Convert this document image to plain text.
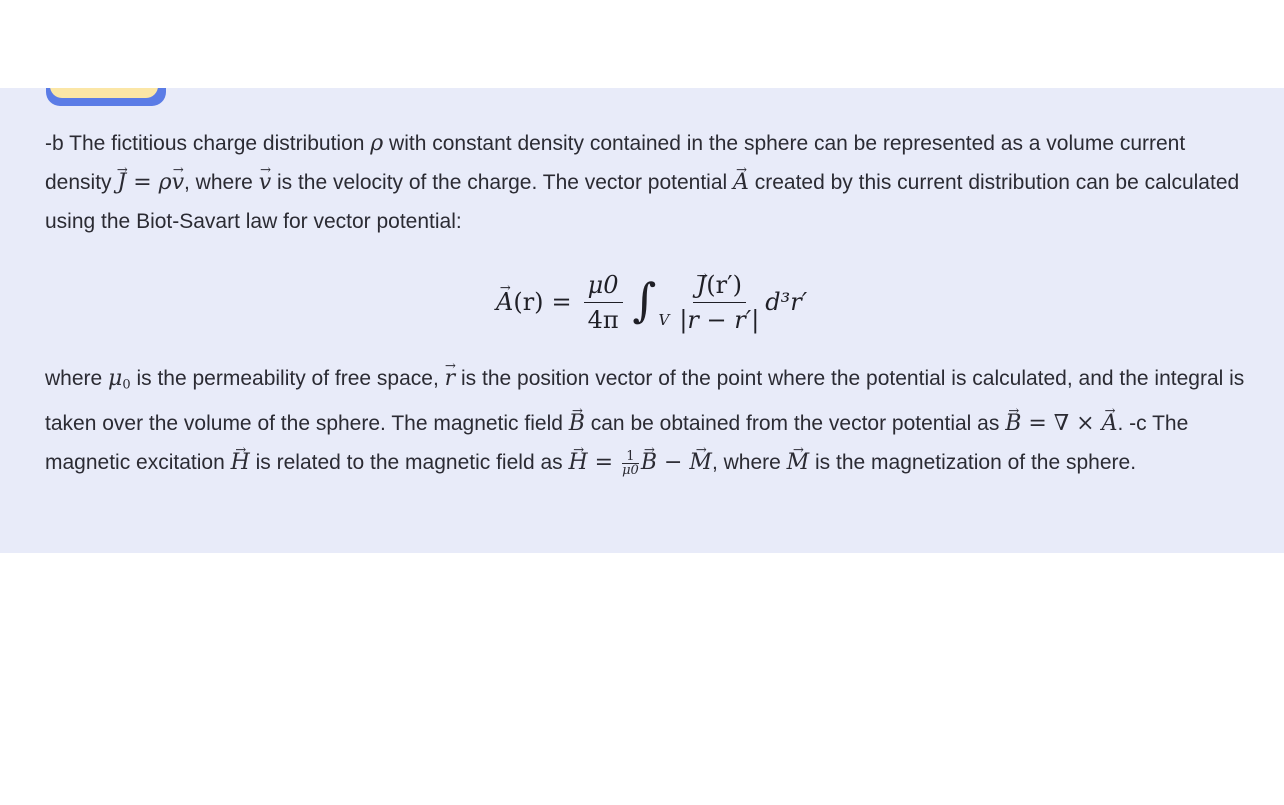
-b The fictitious charge distribution ρ with constant density contained in the sphere can be represented as a volume current density → J = ρ→ v, where → v is the velocity of the charge. The vector potential → A created by this current distribution can be calculated using the Biot-Savart law for vector potential:

→ A $(r) = \frac{\mu 0}{4\pi}$ ∫ V
→ $\frac{J(r')}{|r - r'|} d^3r'$

where $\mu_0$ is the permeability of free space, → r is the position vector of the point where the potential is calculated, and the integral is taken over the volume of the sphere. The magnetic field → B can be obtained from the vector potential as → B = ∇ × → A. -c The magnetic excitation → H is related to the magnetic field as → $H = \frac{1}{\mu 0}$
→ B − → M, where → M is the magnetization of the sphere.
